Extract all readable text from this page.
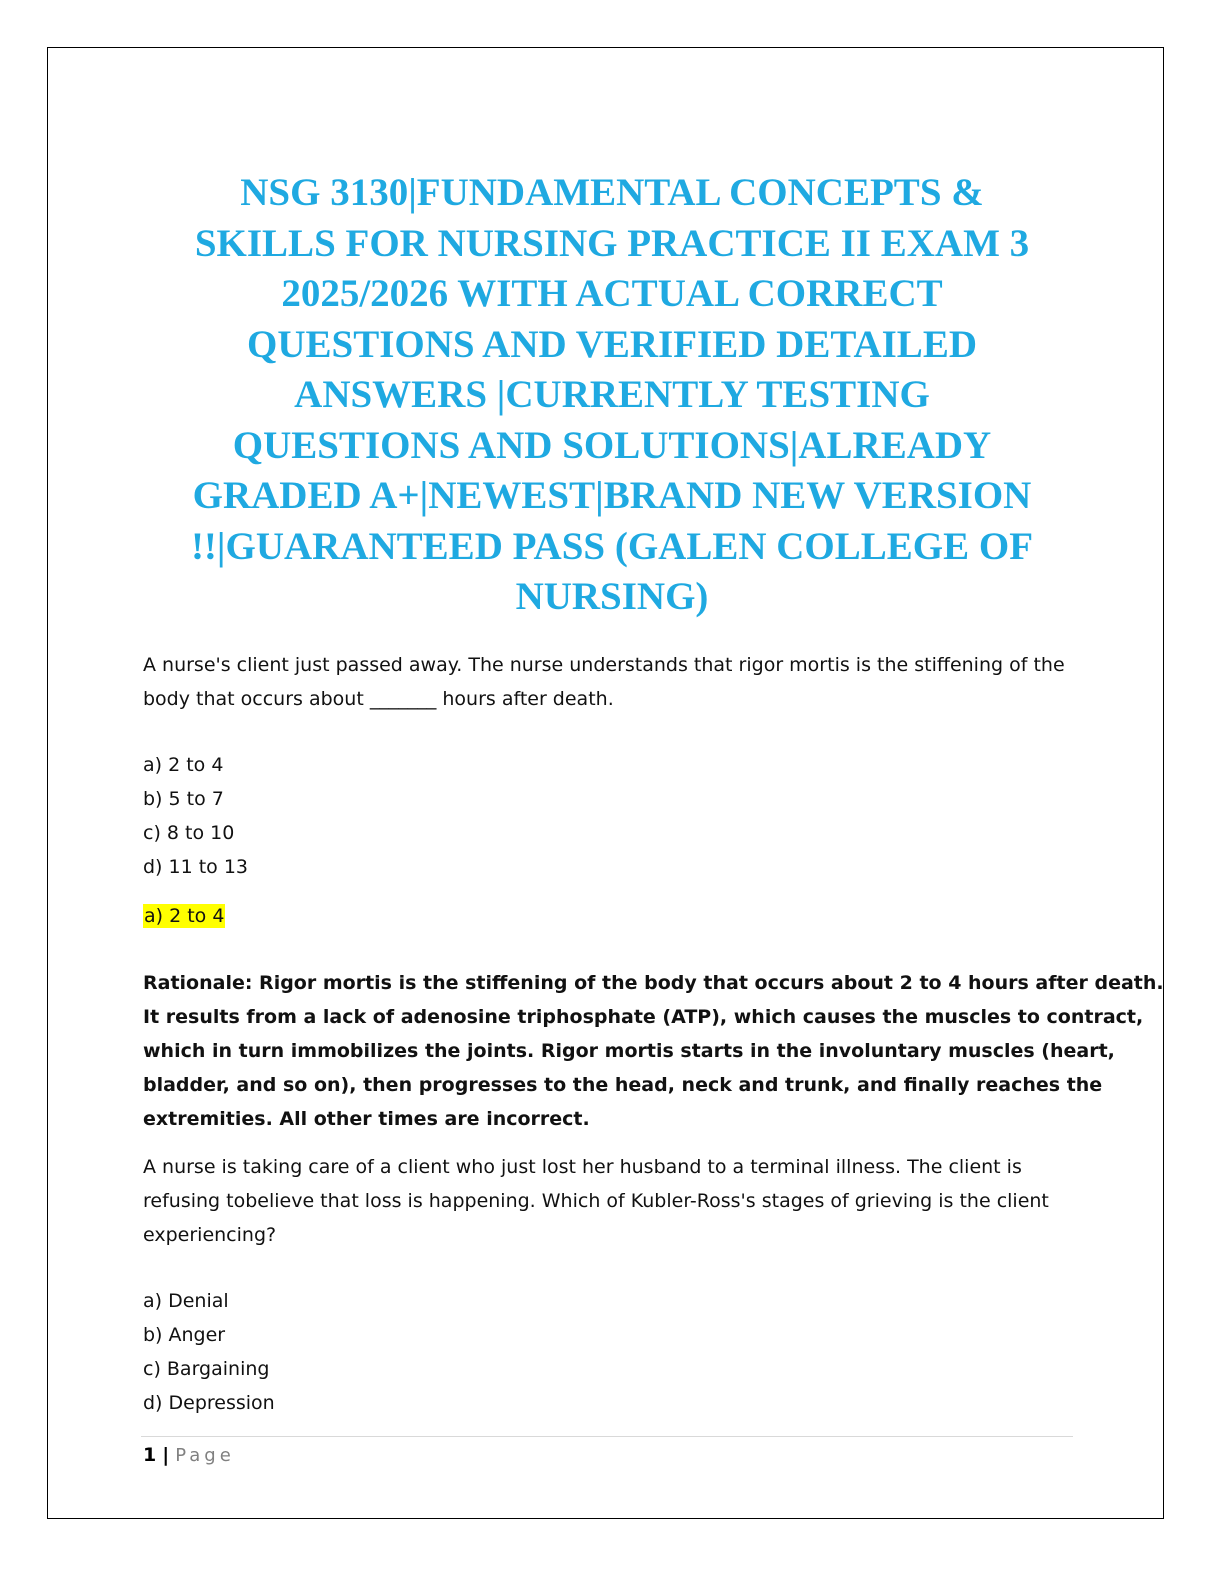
NSG 3130|FUNDAMENTAL CONCEPTS &
SKILLS FOR NURSING PRACTICE II EXAM 3
2025/2026 WITH ACTUAL CORRECT
QUESTIONS AND VERIFIED DETAILED
ANSWERS |CURRENTLY TESTING
QUESTIONS AND SOLUTIONS|ALREADY
GRADED A+|NEWEST|BRAND NEW VERSION
!!|GUARANTEED PASS (GALEN COLLEGE OF
NURSING)
A nurse's client just passed away. The nurse understands that rigor mortis is the stiffening of the
body that occurs about _______ hours after death.
a) 2 to 4
b) 5 to 7
c) 8 to 10
d) 11 to 13
a) 2 to 4
Rationale: Rigor mortis is the stiffening of the body that occurs about 2 to 4 hours after death.
It results from a lack of adenosine triphosphate (ATP), which causes the muscles to contract,
which in turn immobilizes the joints. Rigor mortis starts in the involuntary muscles (heart,
bladder, and so on), then progresses to the head, neck and trunk, and finally reaches the
extremities. All other times are incorrect.
A nurse is taking care of a client who just lost her husband to a terminal illness. The client is
refusing tobelieve that loss is happening. Which of Kubler-Ross's stages of grieving is the client
experiencing?
a) Denial
b) Anger
c) Bargaining
d) Depression
1 | Page
